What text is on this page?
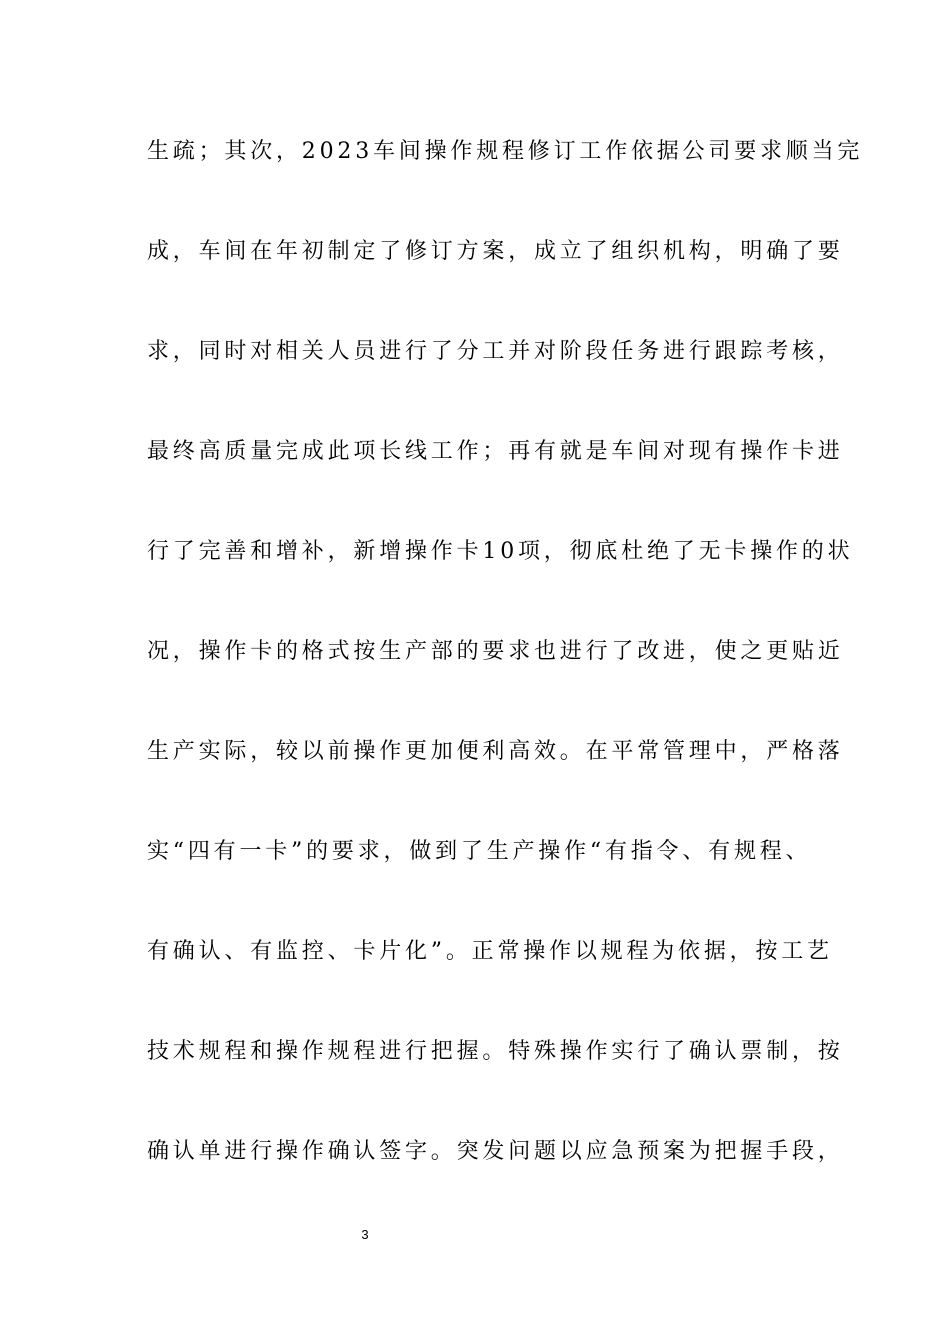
生疏；其次，2023车间操作规程修订工作依据公司要求顺当完
成，车间在年初制定了修订方案，成立了组织机构，明确了要
求，同时对相关人员进行了分工并对阶段任务进行跟踪考核，
最终高质量完成此项长线工作；再有就是车间对现有操作卡进
行了完善和增补，新增操作卡10项，彻底杜绝了无卡操作的状
况，操作卡的格式按生产部的要求也进行了改进，使之更贴近
生产实际，较以前操作更加便利高效。在平常管理中，严格落
实“四有一卡”的要求，做到了生产操作“有指令、有规程、
有确认、有监控、卡片化”。正常操作以规程为依据，按工艺
技术规程和操作规程进行把握。特殊操作实行了确认票制，按
确认单进行操作确认签字。突发问题以应急预案为把握手段，
3
